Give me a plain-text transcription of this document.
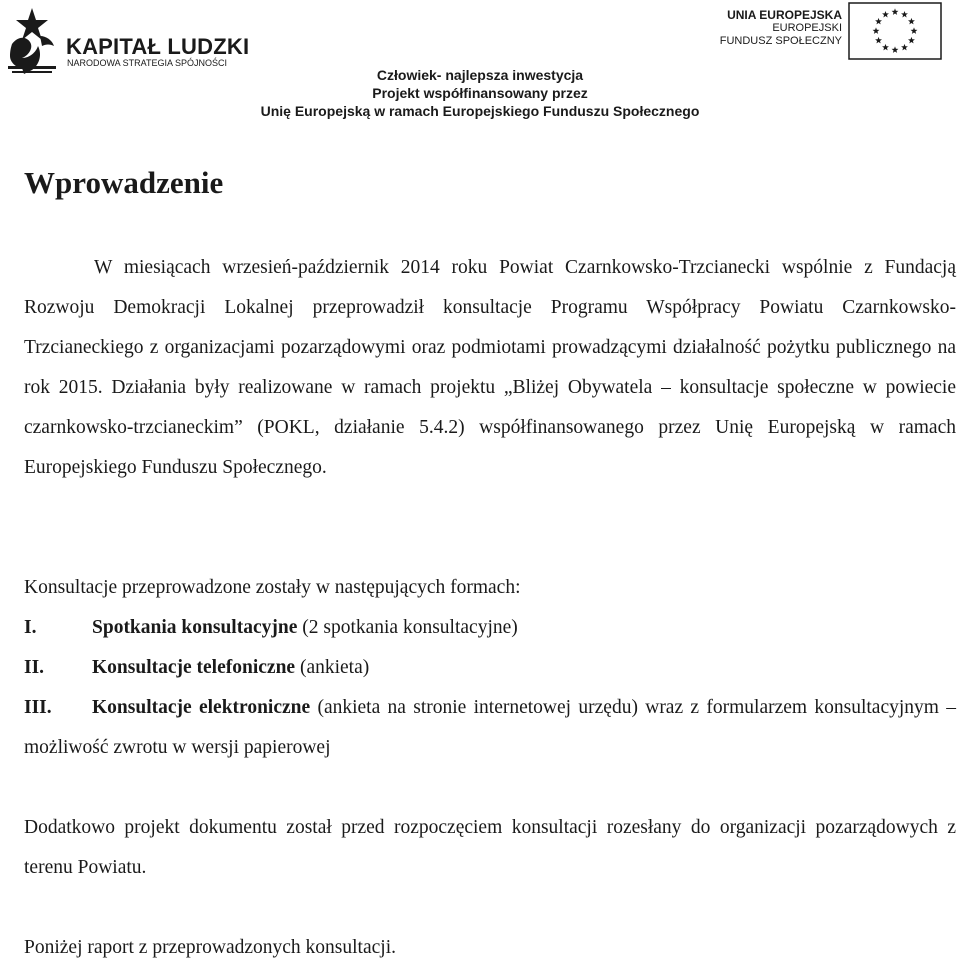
KAPITAŁ LUDZKI
NARODOWA STRATEGIA SPÓJNOŚCI
UNIA EUROPEJSKA
EUROPEJSKI
FUNDUSZ SPOŁECZNY
Człowiek- najlepsza inwestycja
Projekt współfinansowany przez
Unię Europejską w ramach Europejskiego Funduszu Społecznego
Wprowadzenie

W miesiącach wrzesień-październik 2014 roku Powiat Czarnkowsko-Trzcianecki wspólnie z Fundacją Rozwoju Demokracji Lokalnej przeprowadził konsultacje Programu Współpracy Powiatu Czarnkowsko-Trzcianeckiego z organizacjami pozarządowymi oraz podmiotami prowadzącymi działalność pożytku publicznego na rok 2015. Działania były realizowane w ramach projektu „Bliżej Obywatela – konsultacje społeczne w powiecie czarnkowsko-trzcianeckim” (POKL, działanie 5.4.2) współfinansowanego przez Unię Europejską w ramach Europejskiego Funduszu Społecznego.

Konsultacje przeprowadzone zostały w następujących formach:

I.	Spotkania konsultacyjne (2 spotkania konsultacyjne)
II. Konsultacje telefoniczne (ankieta)
III. Konsultacje elektroniczne (ankieta na stronie internetowej urzędu) wraz z formularzem konsultacyjnym – możliwość zwrotu w wersji papierowej

Dodatkowo projekt dokumentu został przed rozpoczęciem konsultacji rozesłany do organizacji pozarządowych z terenu Powiatu.

Poniżej raport z przeprowadzonych konsultacji.
